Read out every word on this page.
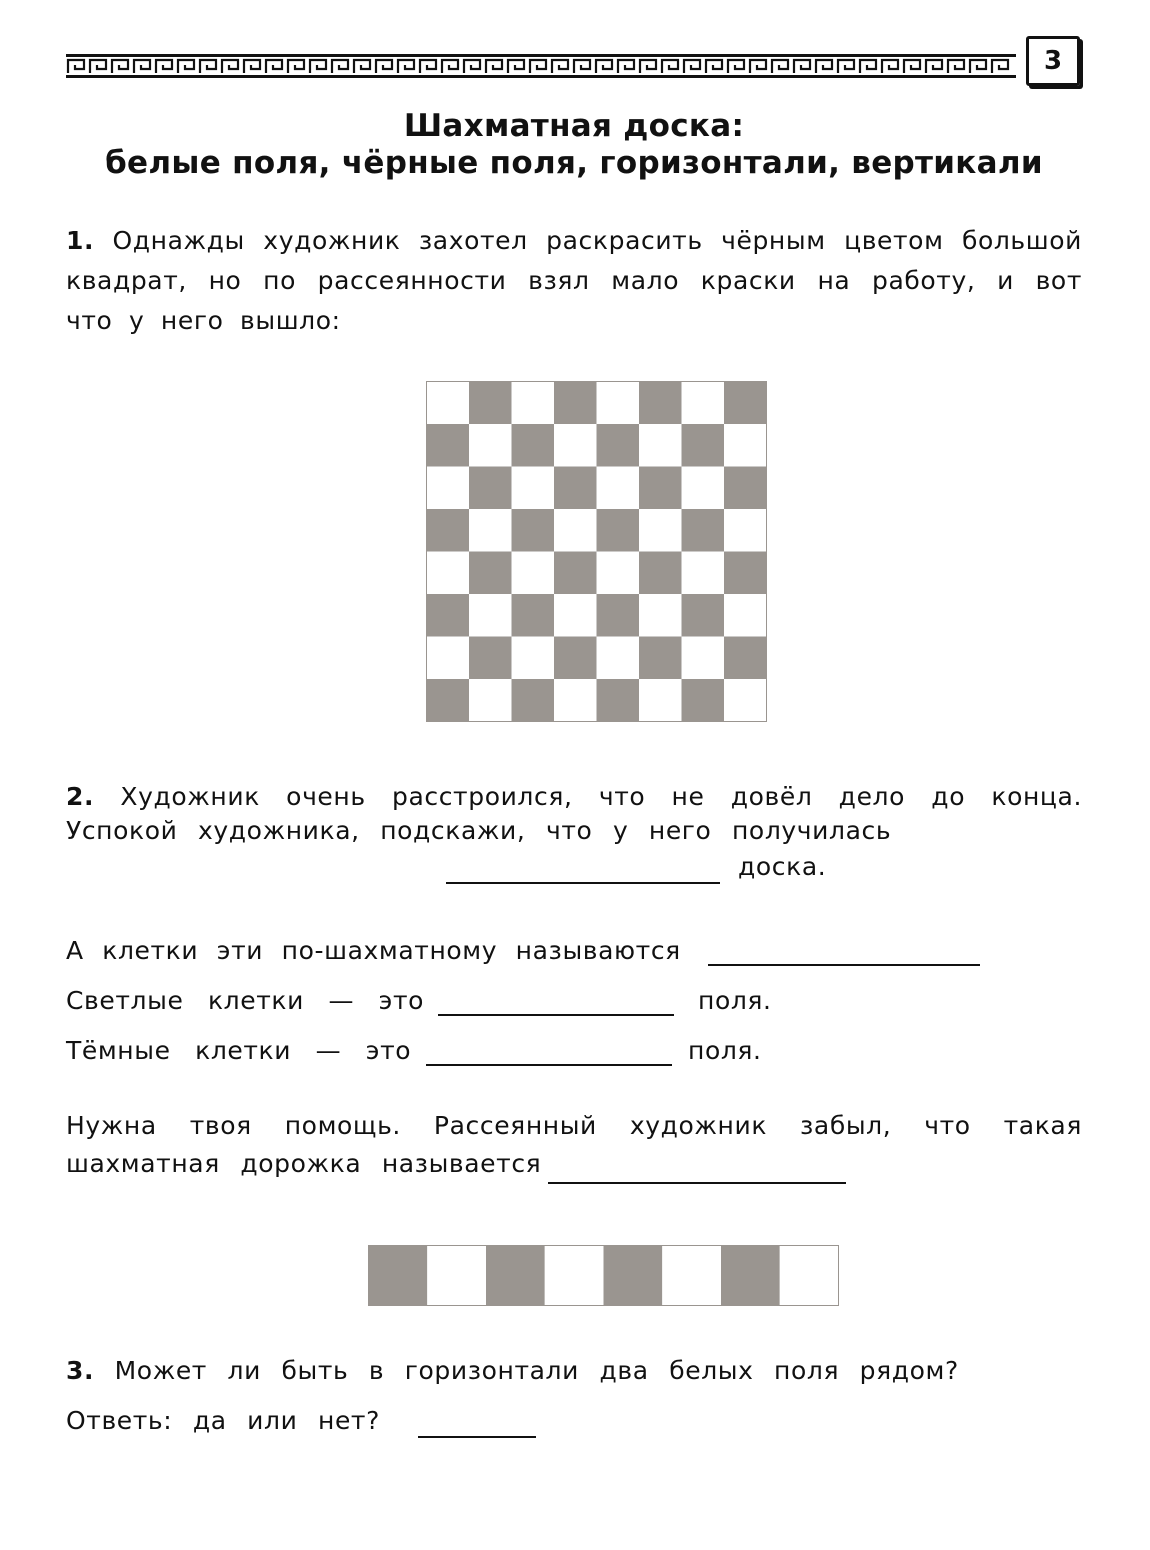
3
Шахматная доска:
белые поля, чёрные поля, горизонтали, вертикали
1. Однажды художник захотел раскрасить чёрным цветом большой
квадрат, но по рассеянности взял мало краски на работу, и вот
что у него вышло:
2. Художник очень расстроился, что не довёл дело до конца.
Успокой художника, подскажи, что у него получилась
доска.
А клетки эти по-шахматному называются
Светлые клетки — это	поля.
Тёмные клетки — это	поля.
Нужна твоя помощь. Рассеянный художник забыл, что такая
шахматная дорожка называется
3. Может ли быть в горизонтали два белых поля рядом?
Ответь: да или нет?
